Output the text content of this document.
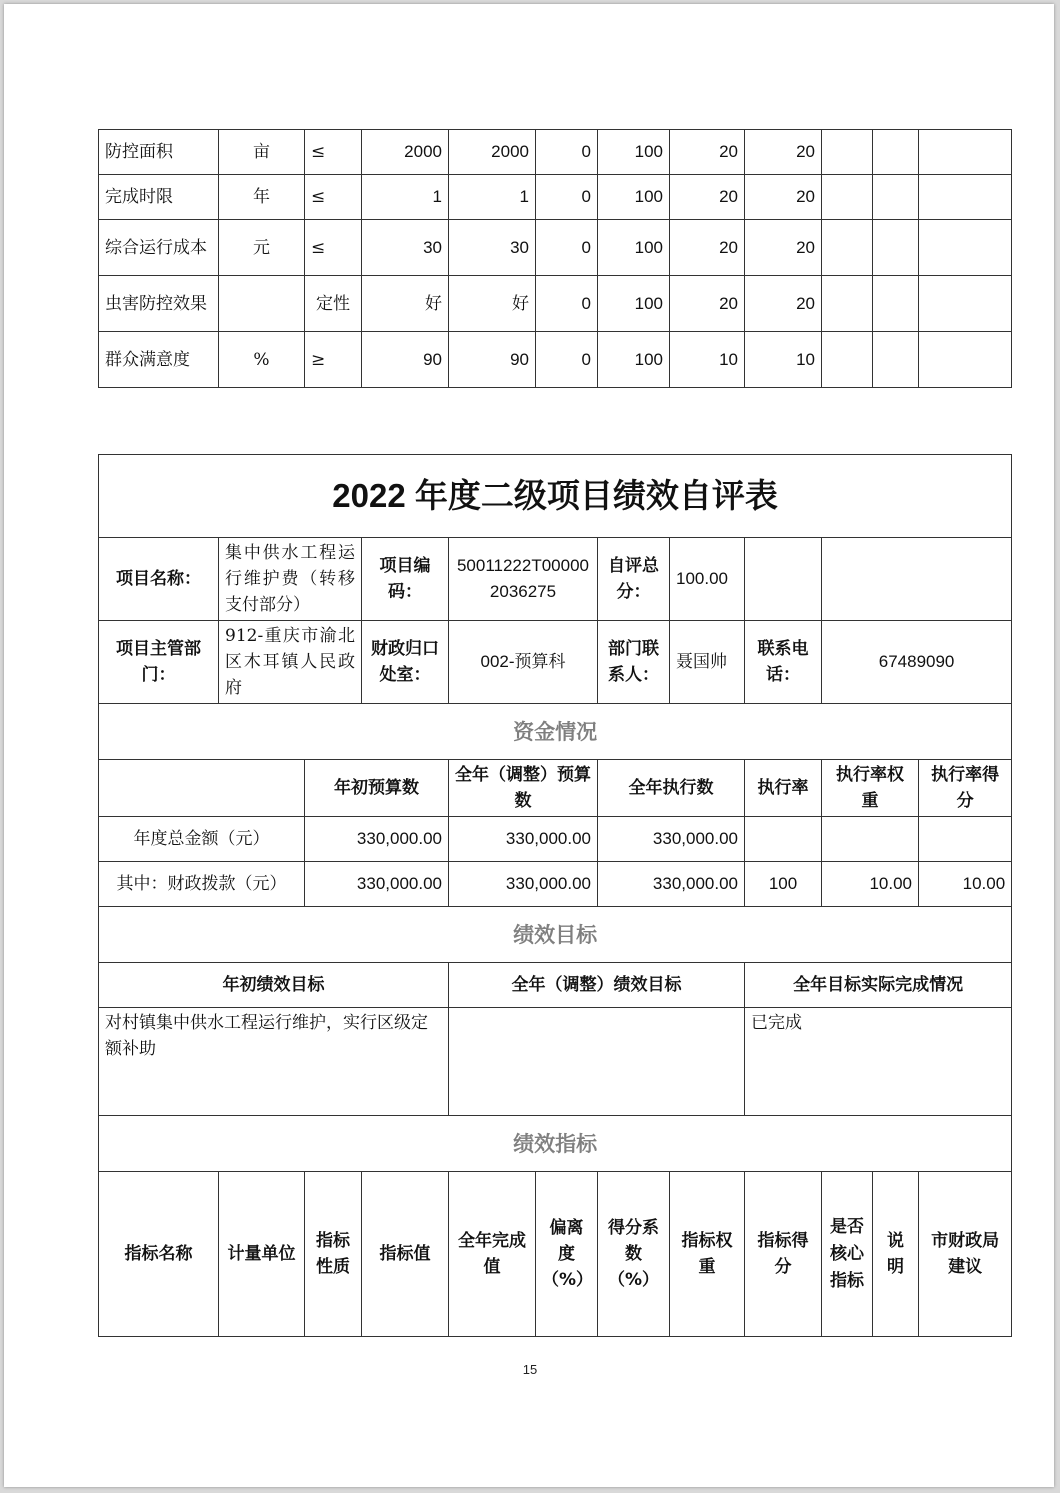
防控面积	亩	≤	2000	2000	0	100	20	20			
完成时限	年	≤	1	1	0	100	20	20			
综合运行成本	元	≤	30	30	0	100	20	20			
虫害防控效果		定性	好	好	0	100	20	20			
群众满意度	%	≥	90	90	0	100	10	10			
2022 年度二级项目绩效自评表											
项目名称：	集中供水工程运行维护费（转移支付部分）		项目编码：	50011222T000002036275		自评总分：	100.00				
项目主管部门：	912-重庆市渝北区木耳镇人民政府		财政归口处室：	002-预算科		部门联系人：	聂国帅	联系电话：	67489090		
资金情况											
		年初预算数		全年（调整）预算数		全年执行数		执行率	执行率权重		执行率得分
年度总金额（元）		330,000.00		330,000.00		330,000.00					
其中：财政拨款（元）		330,000.00		330,000.00		330,000.00		100	10.00		10.00
绩效目标											
年初绩效目标				全年（调整）绩效目标				全年目标实际完成情况			
对村镇集中供水工程运行维护，实行区级定额补助								已完成			
绩效指标											
指标名称	计量单位	指标性质	指标值	全年完成值	偏离度（%）	得分系数（%）	指标权重	指标得分	是否核心指标	说明	市财政局建议
15
